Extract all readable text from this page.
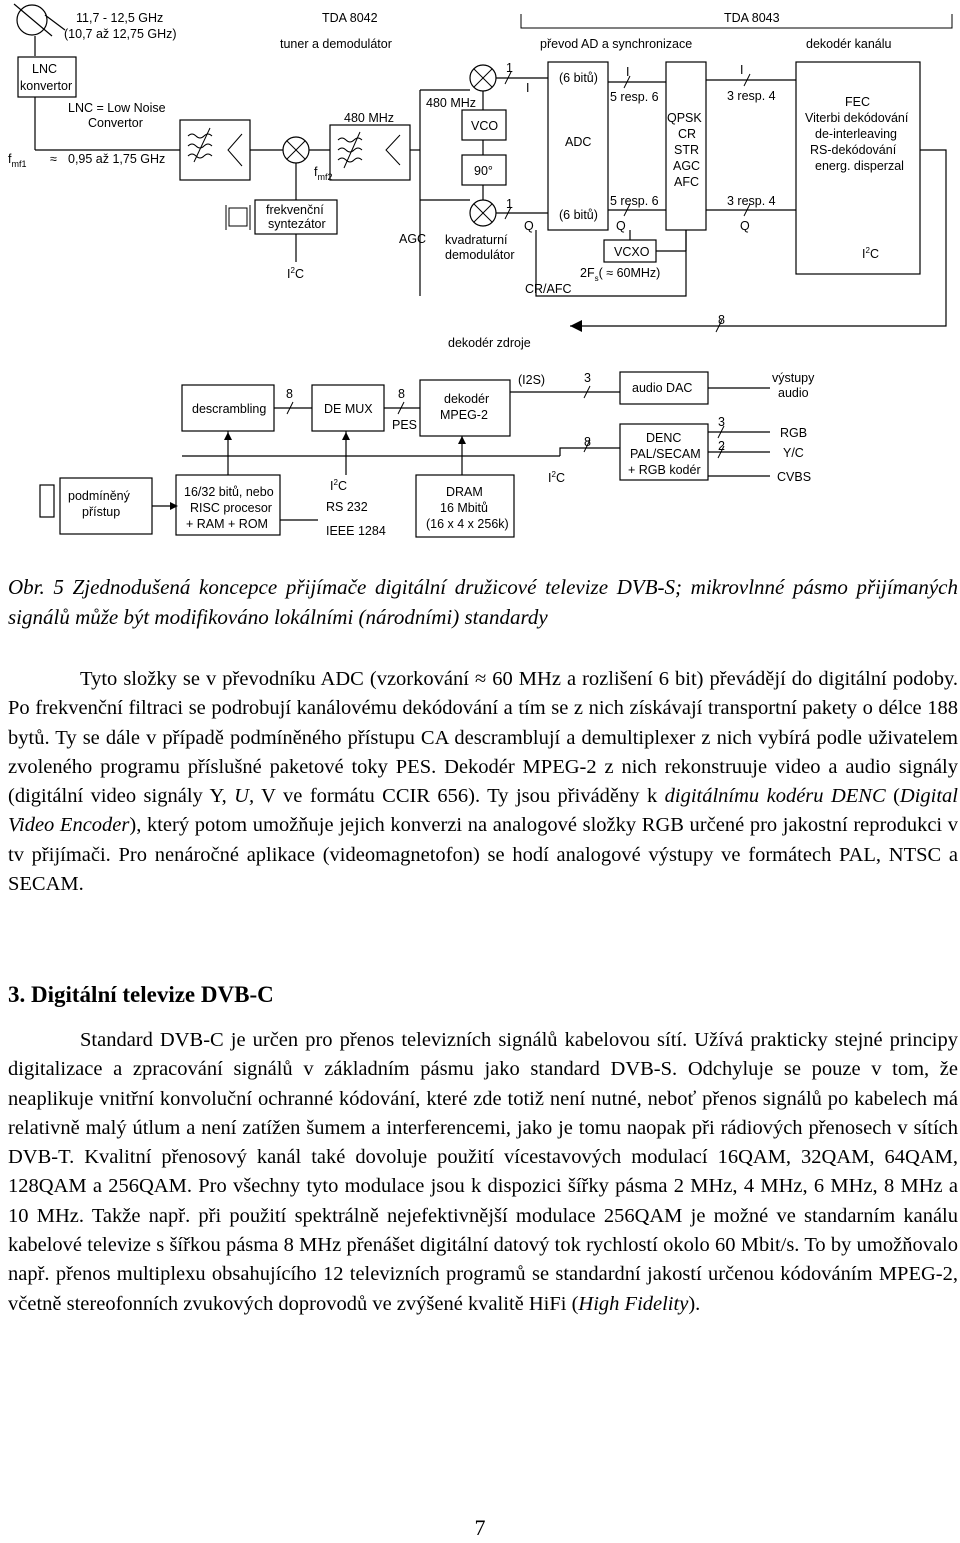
11,7 - 12,5 GHz
(10,7 až 12,75 GHz)
TDA 8042
tuner a demodulátor
TDA 8043
převod AD a synchronizace	dekodér kanálu
LNC
konvertor
LNC = Low Noise
Convertor
$f_{mf1} \approx 0,95$ až 1,75 GHz
$f_{mf2}$
480 MHz
frekvenční
syntezátor
$I^2C$
AGC
480 MHz
VCO
90°
kvadraturní
demodulátor
1
1
I
Q
(6 bitů)
ADC
(6 bitů)
I
5 resp. 6
5 resp. 6
Q
QPSK
CR
STR
AGC
AFC
VCXO
$2F_s( \approx 60MHz)$
CR/AFC
I
3 resp. 4
3 resp. 4
Q
FEC
Viterbi dekódování
de-interleaving
RS-dekódování
energ. disperzal
$I^2C$
8
dekodér zdroje
descrambling
8
DE MUX
8
PES
dekodér
MPEG-2
(I2S)	3
audio DAC
výstupy
audio
8
$I^2C$
DENC
PAL/SECAM
+ RGB kodér
3
2
RGB
Y/C
CVBS
podmíněný
přístup
16/32 bitů, nebo
RISC procesor
+ RAM + ROM
$I^2C$
RS 232
IEEE 1284
DRAM
16 Mbitů
(16 x 4 x 256k)
Obr. 5 Zjednodušená koncepce přijímače digitální družicové televize DVB-S; mikrovlnné pásmo přijímaných signálů může být modifikováno lokálními (národními) standardy
Tyto složky se v převodníku ADC (vzorkování ≈ 60 MHz a rozlišení 6 bit) převádějí do digitální podoby. Po frekvenční filtraci se podrobují kanálovému dekódování a tím se z nich získávají transportní pakety o délce 188 bytů. Ty se dále v případě podmíněného přístupu CA descramblují a demultiplexer z nich vybírá podle uživatelem zvoleného programu příslušné paketové toky PES. Dekodér MPEG-2 z nich rekonstruuje video a audio signály (digitální video signály Y, U, V ve formátu CCIR 656). Ty jsou přiváděny k digitálnímu kodéru DENC (Digital Video Encoder), který potom umožňuje jejich konverzi na analogové složky RGB určené pro jakostní reprodukci v tv přijímači. Pro nenáročné aplikace (videomagnetofon) se hodí analogové výstupy ve formátech PAL, NTSC a SECAM.
3. Digitální televize DVB-C
Standard DVB-C je určen pro přenos televizních signálů kabelovou sítí. Užívá prakticky stejné principy digitalizace a zpracování signálů v základním pásmu jako standard DVB-S. Odchyluje se pouze v tom, že neaplikuje vnitřní konvoluční ochranné kódování, které zde totiž není nutné, neboť přenos signálů po kabelech má relativně malý útlum a není zatížen šumem a interferencemi, jako je tomu naopak při rádiových přenosech v sítích DVB-T. Kvalitní přenosový kanál také dovoluje použití vícestavových modulací 16QAM, 32QAM, 64QAM, 128QAM a 256QAM. Pro všechny tyto modulace jsou k dispozici šířky pásma 2 MHz, 4 MHz, 6 MHz, 8 MHz a 10 MHz. Takže např. při použití spektrálně nejefektivnější modulace 256QAM je možné ve standarním kanálu kabelové televize s šířkou pásma 8 MHz přenášet digitální datový tok rychlostí okolo 60 Mbit/s. To by umožňovalo např. přenos multiplexu obsahujícího 12 televizních programů se standardní jakostí určenou kódováním MPEG-2, včetně stereofonních zvukových doprovodů ve zvýšené kvalitě HiFi (High Fidelity).
7
